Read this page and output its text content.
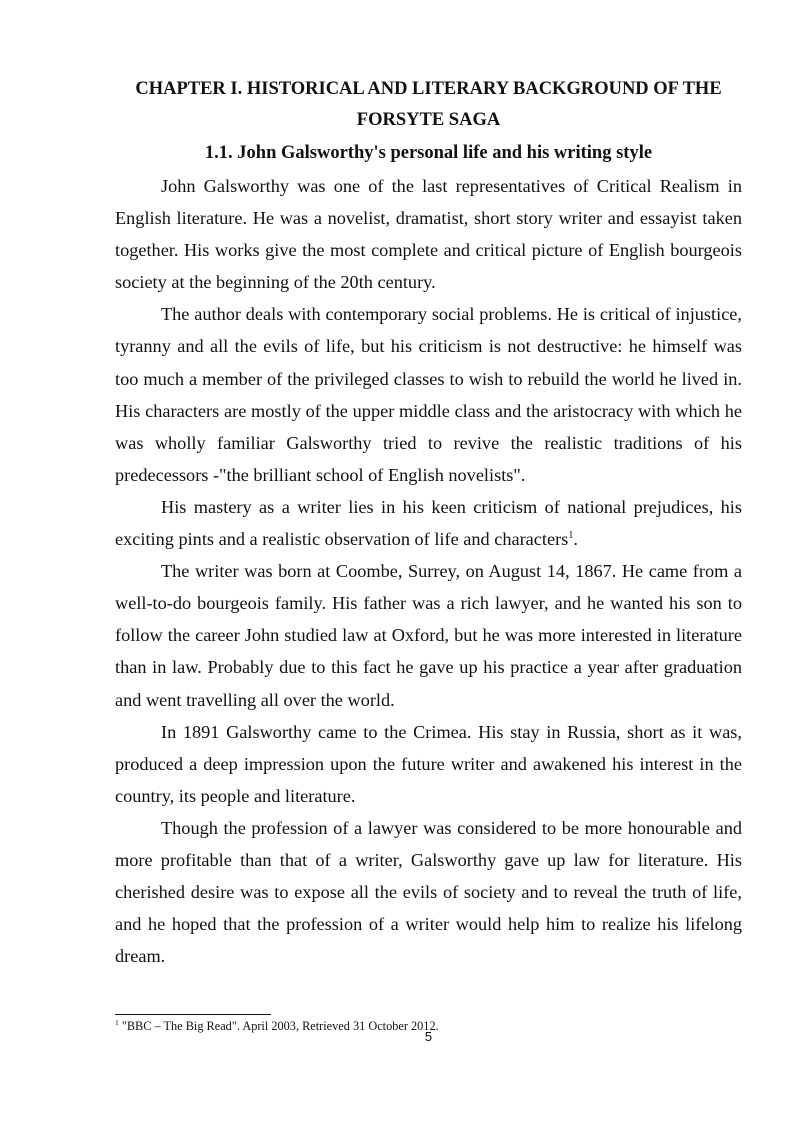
CHAPTER I. HISTORICAL AND LITERARY BACKGROUND OF THE FORSYTE SAGA
1.1. John Galsworthy's personal life and his writing style

John Galsworthy was one of the last representatives of Critical Realism in English literature. He was a novelist, dramatist, short story writer and essayist taken together. His works give the most complete and critical picture of English bourgeois society at the beginning of the 20th century.

The author deals with contemporary social problems. He is critical of injustice, tyranny and all the evils of life, but his criticism is not destructive: he himself was too much a member of the privileged classes to wish to rebuild the world he lived in. His characters are mostly of the upper middle class and the aristocracy with which he was wholly familiar Galsworthy tried to revive the realistic traditions of his predecessors -"the brilliant school of English novelists".

His mastery as a writer lies in his keen criticism of national prejudices, his exciting pints and a realistic observation of life and characters$^1$.

The writer was born at Coombe, Surrey, on August 14, 1867. He came from a well-to-do bourgeois family. His father was a rich lawyer, and he wanted his son to follow the career John studied law at Oxford, but he was more interested in literature than in law. Probably due to this fact he gave up his practice a year after graduation and went travelling all over the world.

In 1891 Galsworthy came to the Crimea. His stay in Russia, short as it was, produced a deep impression upon the future writer and awakened his interest in the country, its people and literature.

Though the profession of a lawyer was considered to be more honourable and more profitable than that of a writer, Galsworthy gave up law for literature. His cherished desire was to expose all the evils of society and to reveal the truth of life, and he hoped that the profession of a writer would help him to realize his lifelong dream.

$^1$ "BBC – The Big Read". April 2003, Retrieved 31 October 2012.
5
